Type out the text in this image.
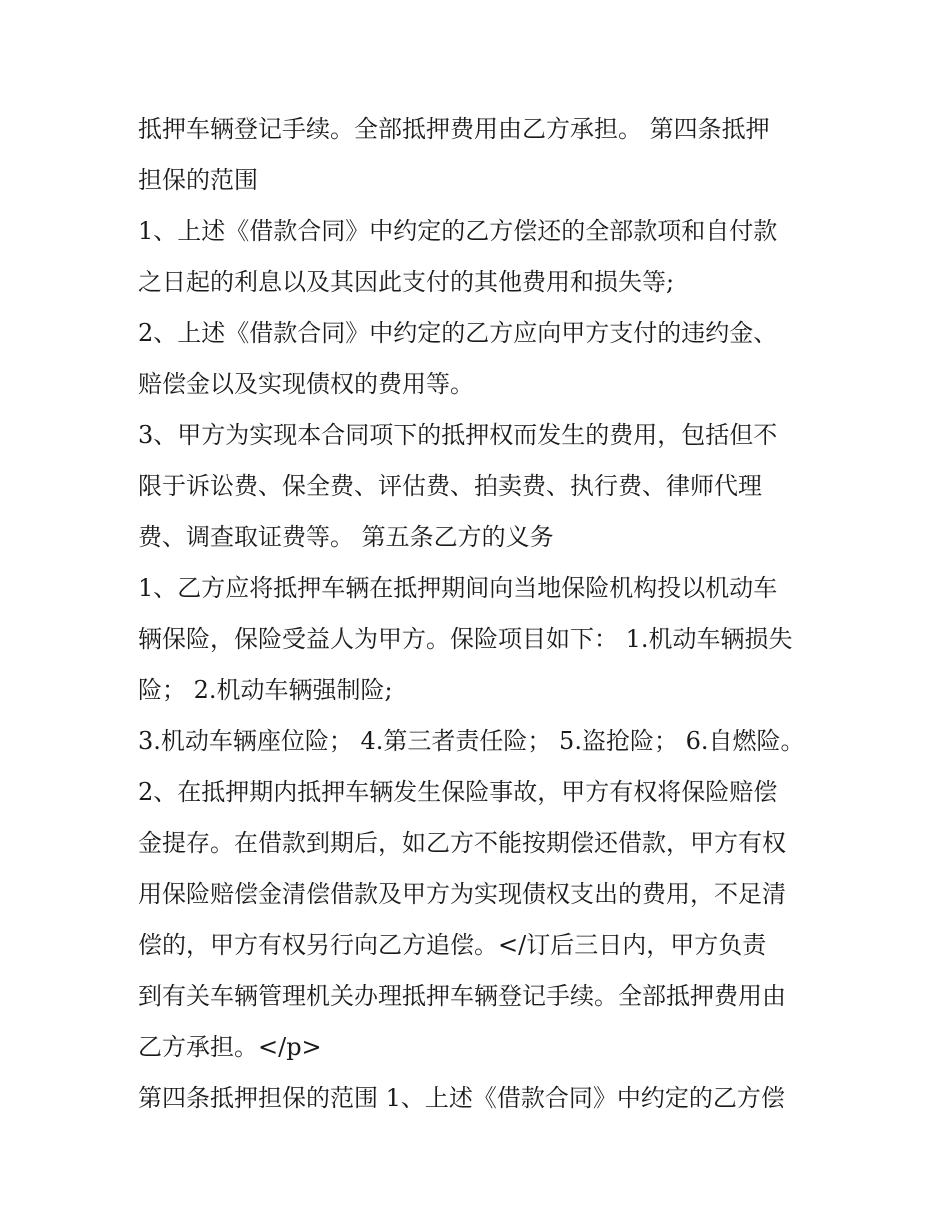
抵押车辆登记手续。全部抵押费用由乙方承担。 第四条抵押
担保的范围
1、上述《借款合同》中约定的乙方偿还的全部款项和自付款
之日起的利息以及其因此支付的其他费用和损失等;
2、上述《借款合同》中约定的乙方应向甲方支付的违约金、
赔偿金以及实现债权的费用等。
3、甲方为实现本合同项下的抵押权而发生的费用，包括但不
限于诉讼费、保全费、评估费、拍卖费、执行费、律师代理
费、调查取证费等。 第五条乙方的义务
1、乙方应将抵押车辆在抵押期间向当地保险机构投以机动车
辆保险，保险受益人为甲方。保险项目如下： 1.机动车辆损失
险； 2.机动车辆强制险;
3.机动车辆座位险； 4.第三者责任险； 5.盗抢险； 6.自燃险。
2、在抵押期内抵押车辆发生保险事故，甲方有权将保险赔偿
金提存。在借款到期后，如乙方不能按期偿还借款，甲方有权
用保险赔偿金清偿借款及甲方为实现债权支出的费用，不足清
偿的，甲方有权另行向乙方追偿。</订后三日内，甲方负责
到有关车辆管理机关办理抵押车辆登记手续。全部抵押费用由
乙方承担。</p>
第四条抵押担保的范围 1、上述《借款合同》中约定的乙方偿
